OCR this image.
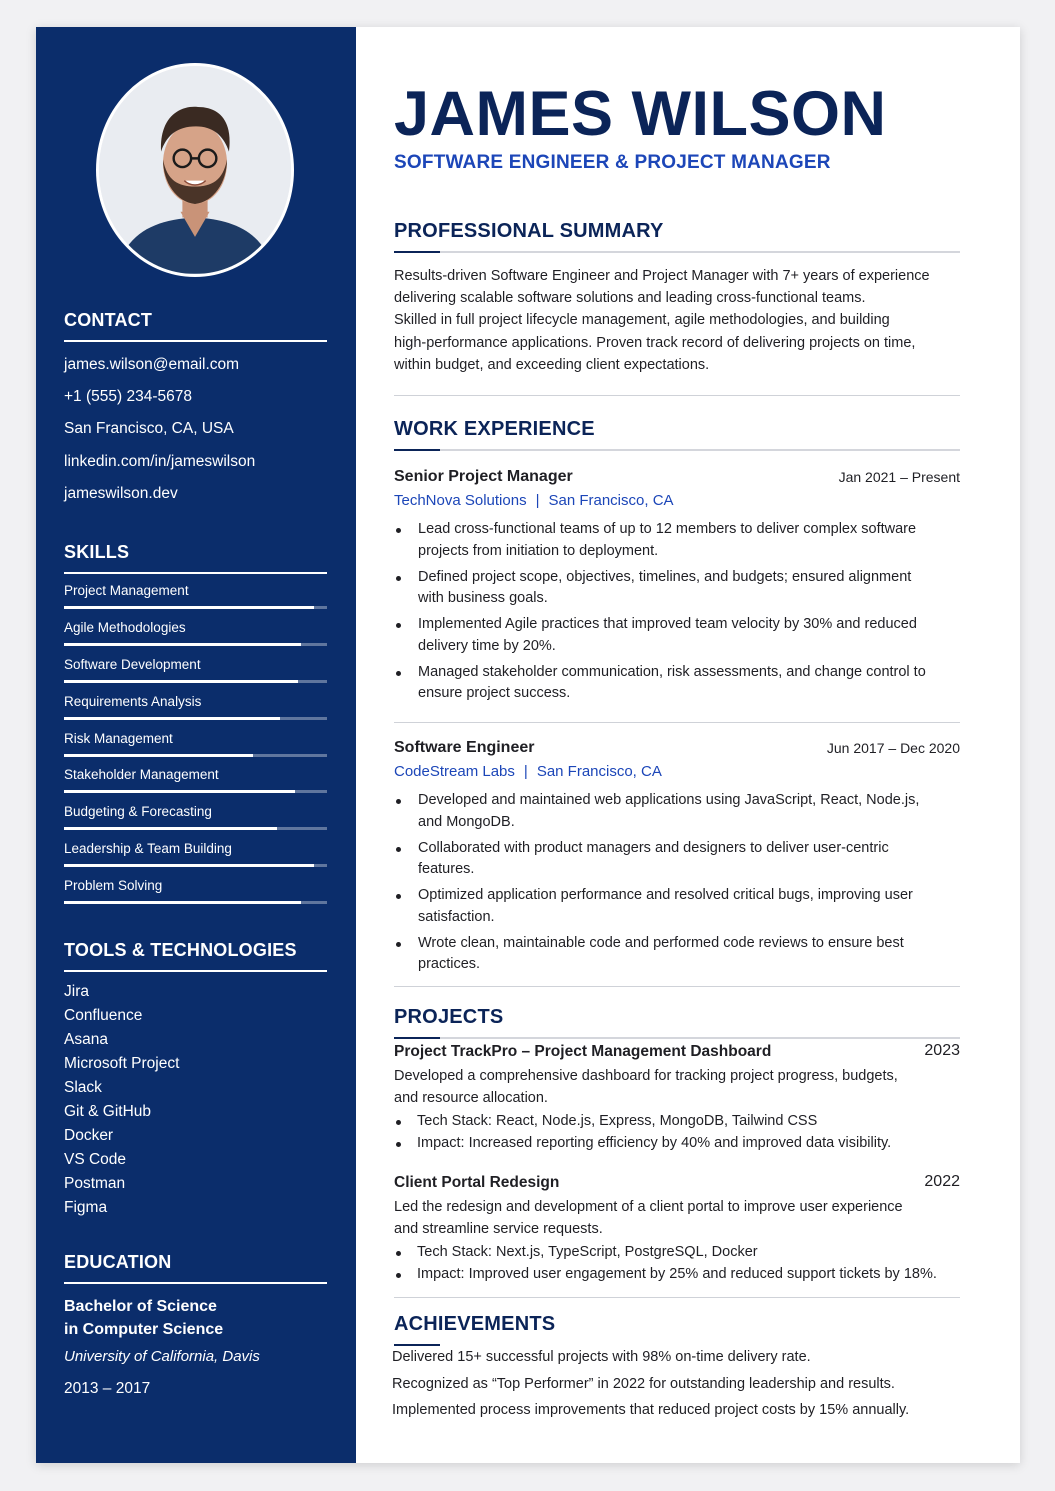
CONTACT
james.wilson@email.com
+1 (555) 234-5678
San Francisco, CA, USA
linkedin.com/in/jameswilson
jameswilson.dev
SKILLS
Project Management
Agile Methodologies
Software Development
Requirements Analysis
Risk Management
Stakeholder Management
Budgeting & Forecasting
Leadership & Team Building
Problem Solving
TOOLS & TECHNOLOGIES
Jira
Confluence
Asana
Microsoft Project
Slack
Git & GitHub
Docker
VS Code
Postman
Figma
EDUCATION
Bachelor of Science
in Computer Science
University of California, Davis
2013 – 2017
JAMES WILSON
SOFTWARE ENGINEER & PROJECT MANAGER
PROFESSIONAL SUMMARY
Results-driven Software Engineer and Project Manager with 7+ years of experience
delivering scalable software solutions and leading cross-functional teams.
Skilled in full project lifecycle management, agile methodologies, and building
high-performance applications. Proven track record of delivering projects on time,
within budget, and exceeding client expectations.
WORK EXPERIENCE
Senior Project Manager	Jan 2021 – Present
TechNova Solutions | San Francisco, CA
Lead cross-functional teams of up to 12 members to deliver complex software projects from initiation to deployment.
Defined project scope, objectives, timelines, and budgets; ensured alignment with business goals.
Implemented Agile practices that improved team velocity by 30% and reduced delivery time by 20%.
Managed stakeholder communication, risk assessments, and change control to ensure project success.
Software Engineer	Jun 2017 – Dec 2020
CodeStream Labs | San Francisco, CA
Developed and maintained web applications using JavaScript, React, Node.js, and MongoDB.
Collaborated with product managers and designers to deliver user-centric features.
Optimized application performance and resolved critical bugs, improving user satisfaction.
Wrote clean, maintainable code and performed code reviews to ensure best practices.
PROJECTS
Project TrackPro – Project Management Dashboard	2023
Developed a comprehensive dashboard for tracking project progress, budgets, and resource allocation.
Tech Stack: React, Node.js, Express, MongoDB, Tailwind CSS
Impact: Increased reporting efficiency by 40% and improved data visibility.
Client Portal Redesign	2022
Led the redesign and development of a client portal to improve user experience and streamline service requests.
Tech Stack: Next.js, TypeScript, PostgreSQL, Docker
Impact: Improved user engagement by 25% and reduced support tickets by 18%.
ACHIEVEMENTS
Delivered 15+ successful projects with 98% on-time delivery rate.
Recognized as “Top Performer” in 2022 for outstanding leadership and results.
Implemented process improvements that reduced project costs by 15% annually.
